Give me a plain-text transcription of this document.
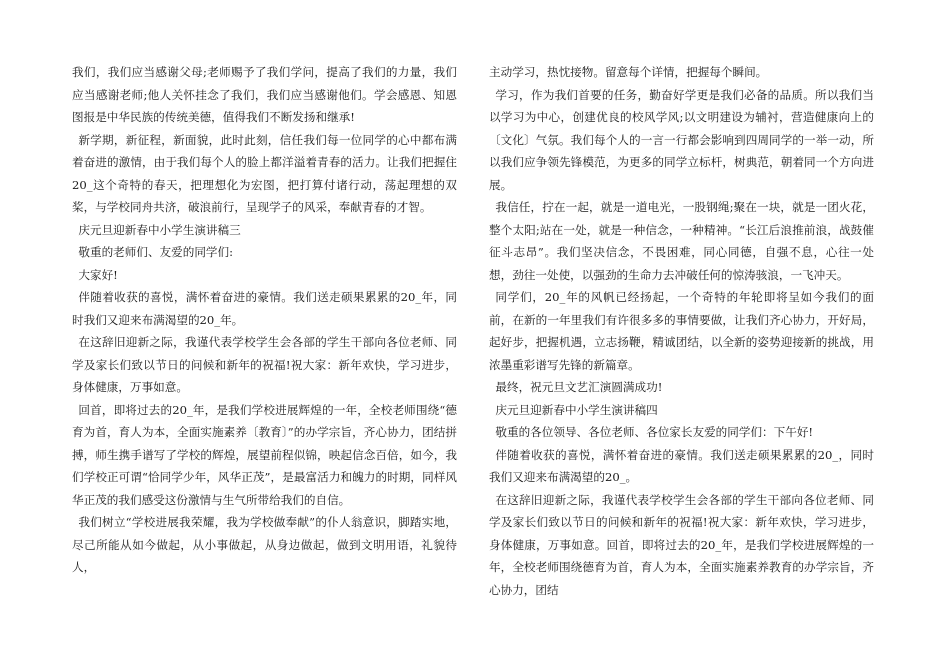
我们，我们应当感谢父母;老师赐予了我们学问，提高了我们的力量，我们应当感谢老师;他人关怀挂念了我们，我们应当感谢他们。学会感恩、知恩图报是中华民族的传统美德，值得我们不断发扬和继承!

新学期，新征程，新面貌，此时此刻，信任我们每一位同学的心中都布满着奋进的激情，由于我们每个人的脸上都洋溢着青春的活力。让我们把握住20_这个奇特的春天，把理想化为宏图，把打算付诸行动，荡起理想的双桨，与学校同舟共济，破浪前行，呈现学子的风采，奉献青春的才智。

庆元旦迎新春中小学生演讲稿三

敬重的老师们、友爱的同学们:

大家好!

伴随着收获的喜悦，满怀着奋进的豪情。我们送走硕果累累的20_年，同时我们又迎来布满渴望的20_年。

在这辞旧迎新之际，我谨代表学校学生会各部的学生干部向各位老师、同学及家长们致以节日的问候和新年的祝福!祝大家：新年欢快，学习进步，身体健康，万事如意。

回首，即将过去的20_年，是我们学校进展辉煌的一年，全校老师围绕“德育为首，育人为本，全面实施素养〔教育〕”的办学宗旨，齐心协力，团结拼搏，师生携手谱写了学校的辉煌，展望前程似锦，映起信念百倍，如今，我们学校正可谓“恰同学少年，风华正茂”，是最富活力和魄力的时期，同样风华正茂的我们感受这份激情与生气所带给我们的自信。

我们树立“学校进展我荣耀，我为学校做奉献”的仆人翁意识，脚踏实地，尽己所能从如今做起，从小事做起，从身边做起，做到文明用语，礼貌待人，

主动学习，热忱接物。留意每个详情，把握每个瞬间。

学习，作为我们首要的任务，勤奋好学更是我们必备的品质。所以我们当以学习为中心，创建优良的校风学风;以文明建设为辅衬，营造健康向上的〔文化〕气氛。我们每个人的一言一行都会影响到四周同学的一举一动，所以我们应争领先锋模范，为更多的同学立标杆，树典范，朝着同一个方向进展。

我信任，拧在一起，就是一道电光，一股钢绳;聚在一块，就是一团火花，整个太阳;站在一处，就是一种信念，一种精神。“长江后浪推前浪，战鼓催征斗志昂”。我们坚决信念，不畏困难，同心同德，自强不息，心往一处想，劲往一处使，以强劲的生命力去冲破任何的惊涛骇浪，一飞冲天。

同学们，20_年的风帆已经扬起，一个奇特的年轮即将呈如今我们的面前，在新的一年里我们有许很多多的事情要做，让我们齐心协力，开好局，起好步，把握机遇，立志扬鞭，精诚团结，以全新的姿势迎接新的挑战，用浓墨重彩谱写先锋的新篇章。

最终，祝元旦文艺汇演圆满成功!

庆元旦迎新春中小学生演讲稿四

敬重的各位领导、各位老师、各位家长友爱的同学们：下午好!

伴随着收获的喜悦，满怀着奋进的豪情。我们送走硕果累累的20_，同时我们又迎来布满渴望的20_。

在这辞旧迎新之际，我谨代表学校学生会各部的学生干部向各位老师、同学及家长们致以节日的问候和新年的祝福!祝大家：新年欢快，学习进步，身体健康，万事如意。回首，即将过去的20_年，是我们学校进展辉煌的一年，全校老师围绕德育为首，育人为本，全面实施素养教育的办学宗旨，齐心协力，团结
